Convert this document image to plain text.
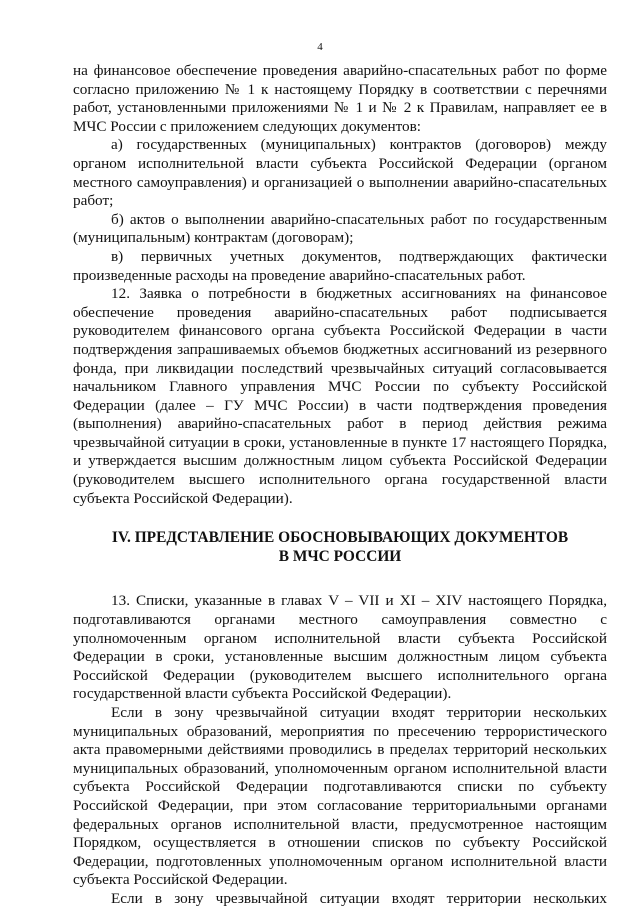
4

на финансовое обеспечение проведения аварийно-спасательных работ по форме согласно приложению № 1 к настоящему Порядку в соответствии с перечнями работ, установленными приложениями № 1 и № 2 к Правилам, направляет ее в МЧС России с приложением следующих документов:

а) государственных (муниципальных) контрактов (договоров) между органом исполнительной власти субъекта Российской Федерации (органом местного самоуправления) и организацией о выполнении аварийно-спасательных работ;

б) актов о выполнении аварийно-спасательных работ по государственным (муниципальным) контрактам (договорам);

в) первичных учетных документов, подтверждающих фактически произведенные расходы на проведение аварийно-спасательных работ.

12. Заявка о потребности в бюджетных ассигнованиях на финансовое обеспечение проведения аварийно-спасательных работ подписывается руководителем финансового органа субъекта Российской Федерации в части подтверждения запрашиваемых объемов бюджетных ассигнований из резервного фонда, при ликвидации последствий чрезвычайных ситуаций согласовывается начальником Главного управления МЧС России по субъекту Российской Федерации (далее – ГУ МЧС России) в части подтверждения проведения (выполнения) аварийно-спасательных работ в период действия режима чрезвычайной ситуации в сроки, установленные в пункте 17 настоящего Порядка, и утверждается высшим должностным лицом субъекта Российской Федерации (руководителем высшего исполнительного органа государственной власти субъекта Российской Федерации).

IV. ПРЕДСТАВЛЕНИЕ ОБОСНОВЫВАЮЩИХ ДОКУМЕНТОВ
В МЧС РОССИИ

13. Списки, указанные в главах V – VII и XI – XIV настоящего Порядка, подготавливаются органами местного самоуправления совместно с уполномоченным органом исполнительной власти субъекта Российской Федерации в сроки, установленные высшим должностным лицом субъекта Российской Федерации (руководителем высшего исполнительного органа государственной власти субъекта Российской Федерации).

Если в зону чрезвычайной ситуации входят территории нескольких муниципальных образований, мероприятия по пресечению террористического акта правомерными действиями проводились в пределах территорий нескольких муниципальных образований, уполномоченным органом исполнительной власти субъекта Российской Федерации подготавливаются списки по субъекту Российской Федерации, при этом согласование территориальными органами федеральных органов исполнительной власти, предусмотренное настоящим Порядком, осуществляется в отношении списков по субъекту Российской Федерации, подготовленных уполномоченным органом исполнительной власти субъекта Российской Федерации.

Если в зону чрезвычайной ситуации входят территории нескольких
